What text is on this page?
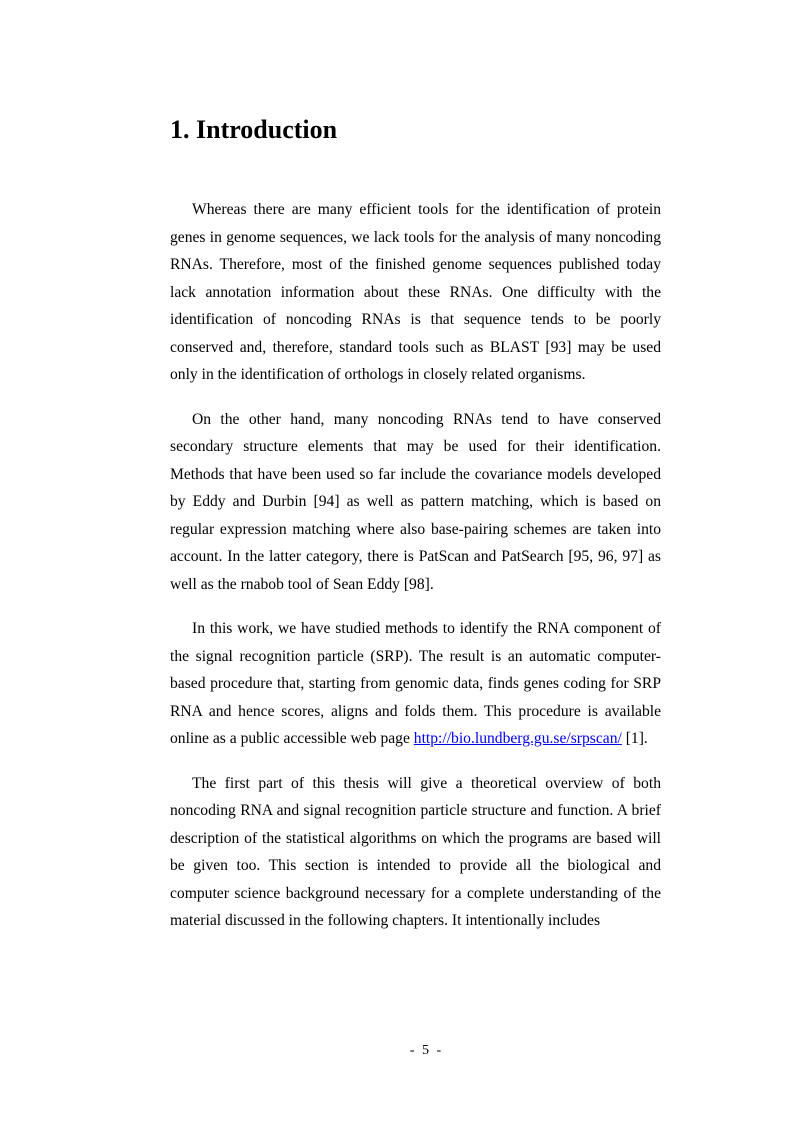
1. Introduction

Whereas there are many efficient tools for the identification of protein genes in genome sequences, we lack tools for the analysis of many noncoding RNAs. Therefore, most of the finished genome sequences published today lack annotation information about these RNAs. One difficulty with the identification of noncoding RNAs is that sequence tends to be poorly conserved and, therefore, standard tools such as BLAST [93] may be used only in the identification of orthologs in closely related organisms.

On the other hand, many noncoding RNAs tend to have conserved secondary structure elements that may be used for their identification. Methods that have been used so far include the covariance models developed by Eddy and Durbin [94] as well as pattern matching, which is based on regular expression matching where also base-pairing schemes are taken into account. In the latter category, there is PatScan and PatSearch [95, 96, 97] as well as the rnabob tool of Sean Eddy [98].

In this work, we have studied methods to identify the RNA component of the signal recognition particle (SRP). The result is an automatic computer-based procedure that, starting from genomic data, finds genes coding for SRP RNA and hence scores, aligns and folds them. This procedure is available online as a public accessible web page http://bio.lundberg.gu.se/srpscan/ [1].

The first part of this thesis will give a theoretical overview of both noncoding RNA and signal recognition particle structure and function. A brief description of the statistical algorithms on which the programs are based will be given too. This section is intended to provide all the biological and computer science background necessary for a complete understanding of the material discussed in the following chapters. It intentionally includes

- 5 -
